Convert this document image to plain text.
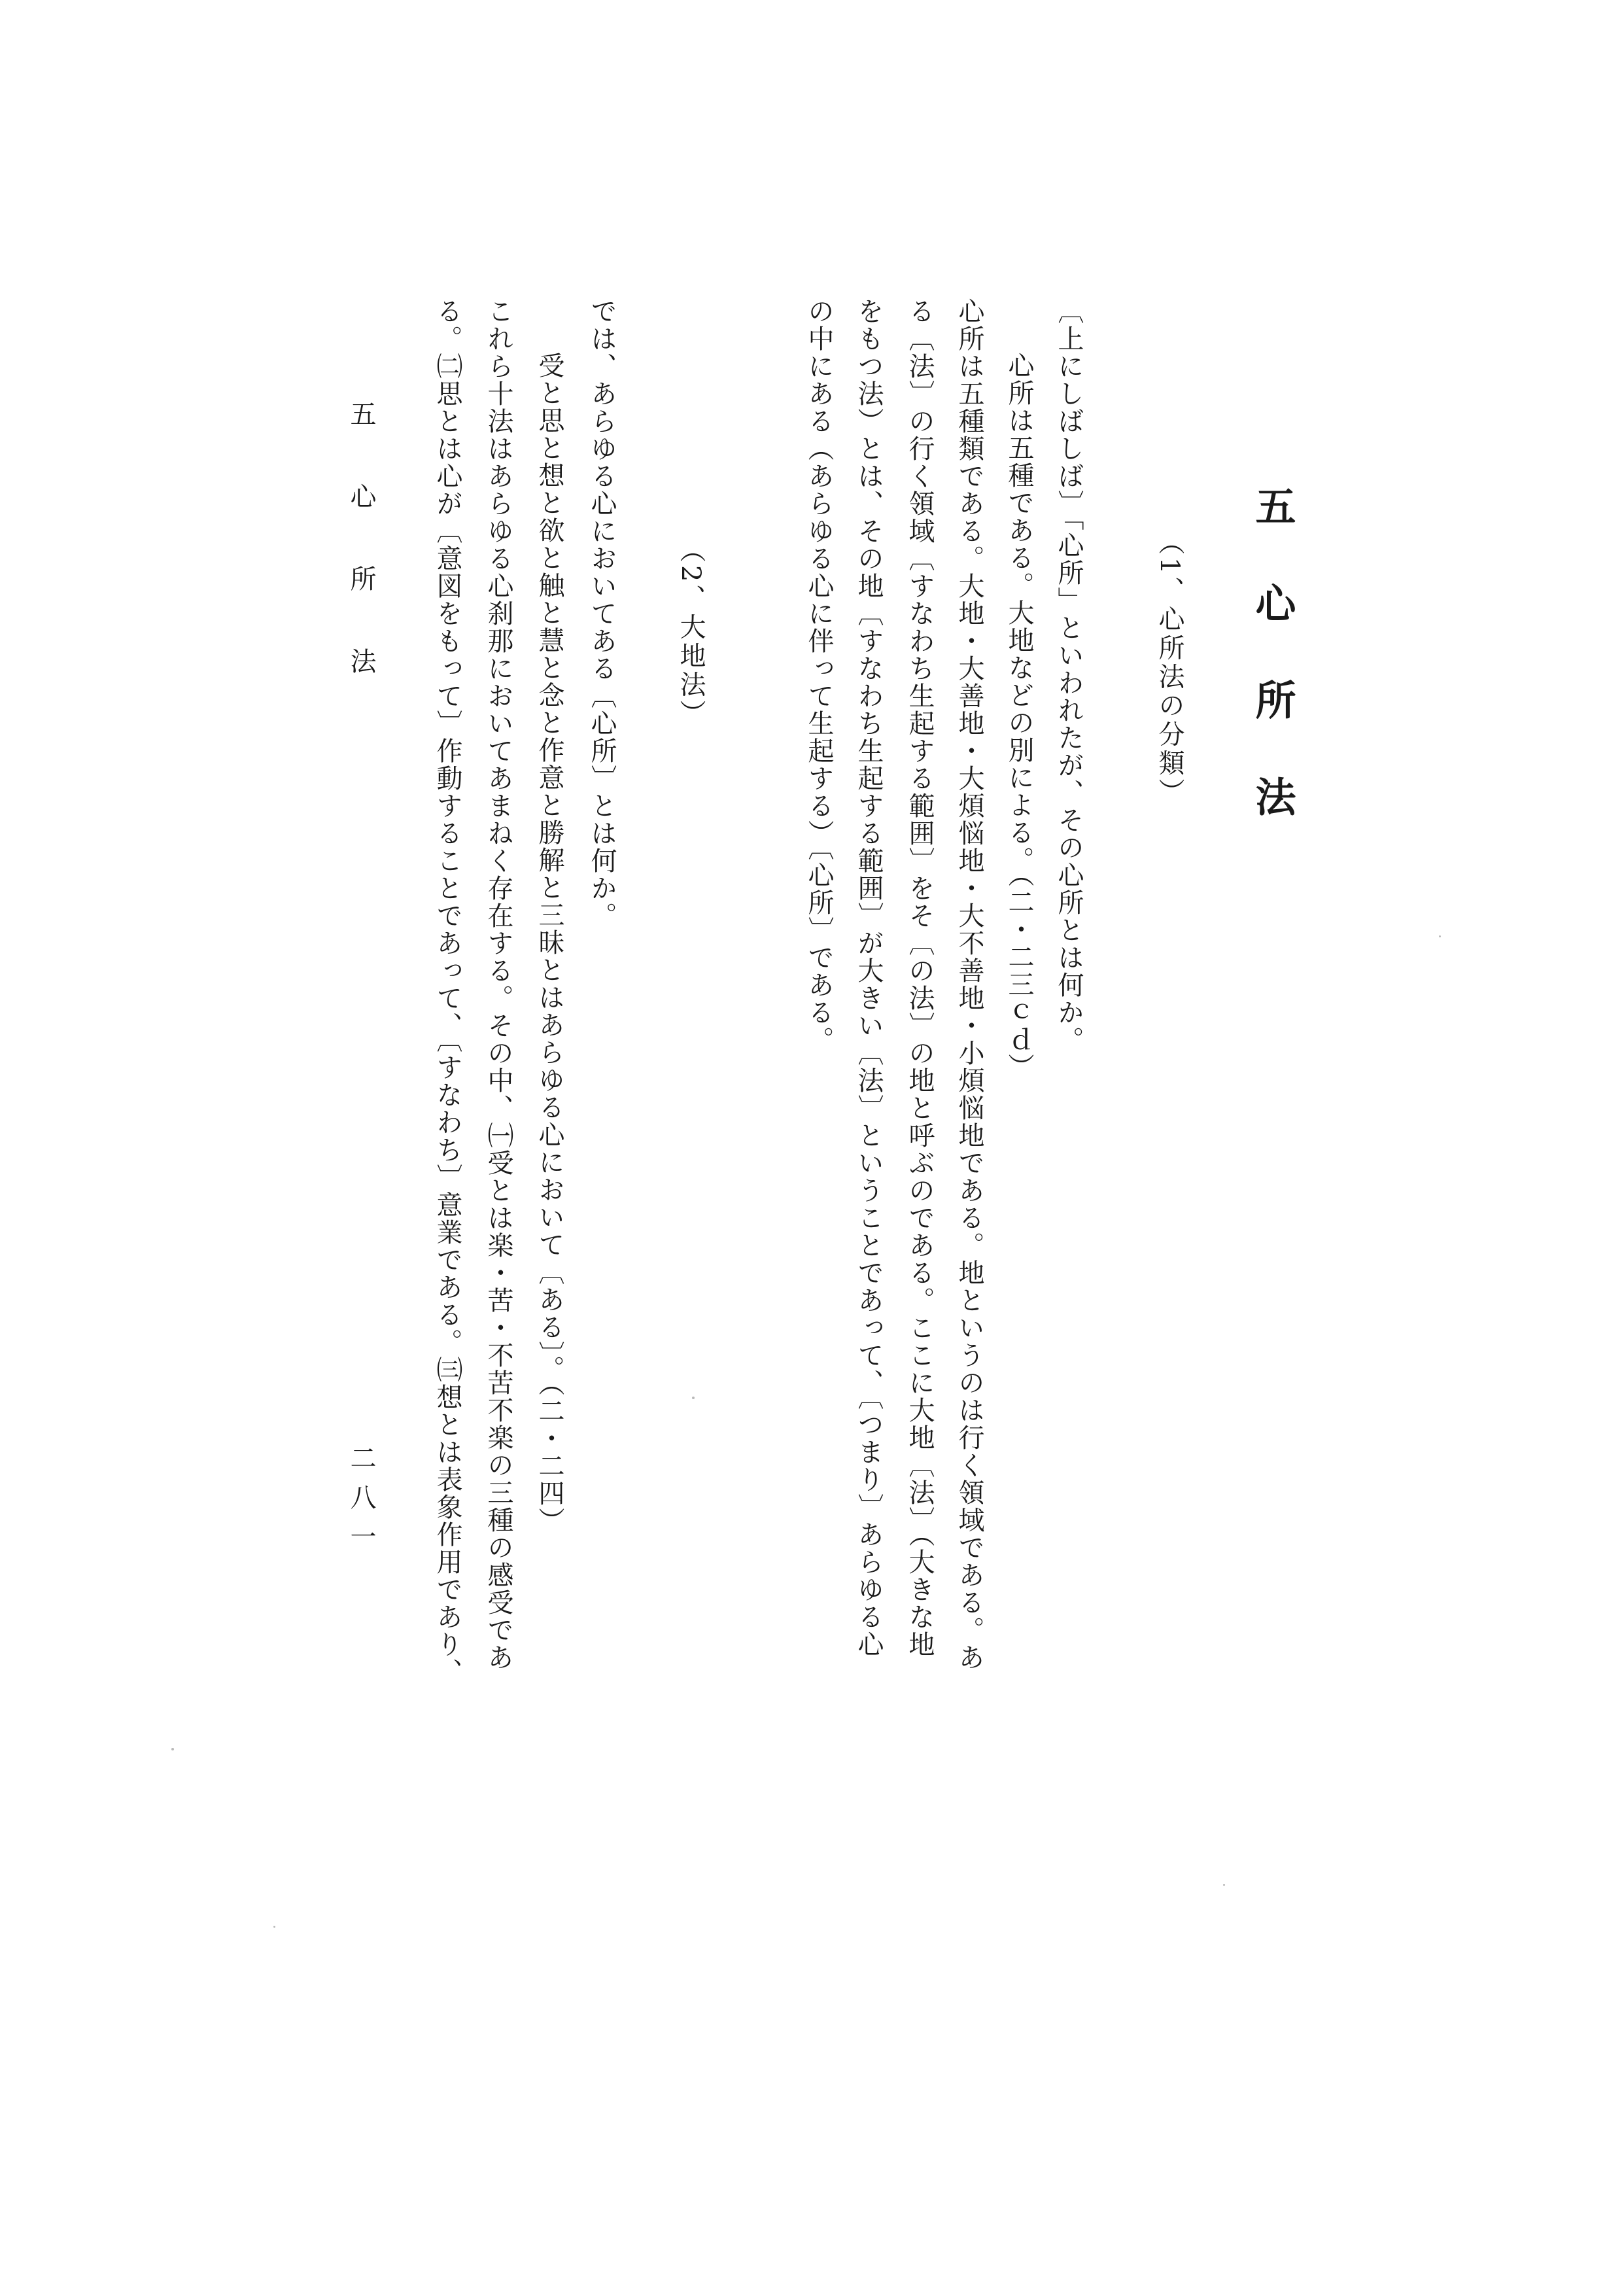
五心所法
（1、心所法の分類）
〔上にしばしば〕「心所」といわれたが、その心所とは何か。
心所は五種である。大地などの別による。（二・二三ｃｄ）
心所は五種類である。大地・大善地・大煩悩地・大不善地・小煩悩地である。地というのは行く領域である。あ
る〔法〕の行く領域〔すなわち生起する範囲〕をそ〔の法〕の地と呼ぶのである。ここに大地〔法〕（大きな地
をもつ法）とは、その地〔すなわち生起する範囲〕が大きい〔法〕ということであって、〔つまり〕あらゆる心
の中にある（あらゆる心に伴って生起する）〔心所〕である。
（2、大地法）
では、あらゆる心においてある〔心所〕とは何か。
受と思と想と欲と触と慧と念と作意と勝解と三昧とはあらゆる心において〔ある〕。（二・二四）
これら十法はあらゆる心刹那においてあまねく存在する。その中、㈠受とは楽・苦・不苦不楽の三種の感受であ
る。㈡思とは心が〔意図をもって〕作動することであって、〔すなわち〕意業である。㈢想とは表象作用であり、
五心所法
二八一
